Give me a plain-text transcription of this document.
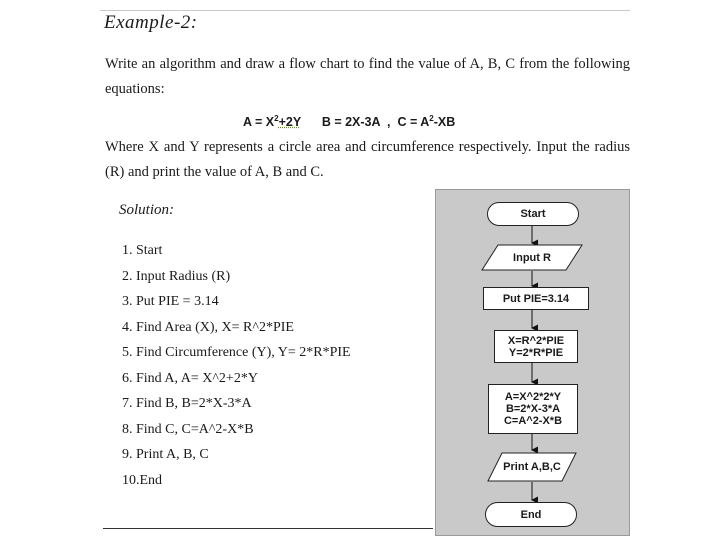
Example-2:
Write an algorithm and draw a flow chart to find the value of A, B, C from the following equations:
$A = X^2+2Y$ B = 2X-3A  , $C = A^2-XB$
Where X and Y represents a circle area and circumference respectively. Input the radius (R) and print the value of A, B and C.
Solution:
1. Start
2. Input Radius (R)
3. Put PIE = 3.14
4. Find Area (X), X= R^2*PIE
5. Find Circumference (Y), Y= 2*R*PIE
6. Find A, A= X^2+2*Y
7. Find B, B=2*X-3*A
8. Find C, C=A^2-X*B
9. Print A, B, C
10.End
Start
Input R
Put PIE=3.14
X=R^2*PIE
Y=2*R*PIE
A=X^2*2*Y
B=2*X-3*A
C=A^2-X*B
Print A,B,C
End
